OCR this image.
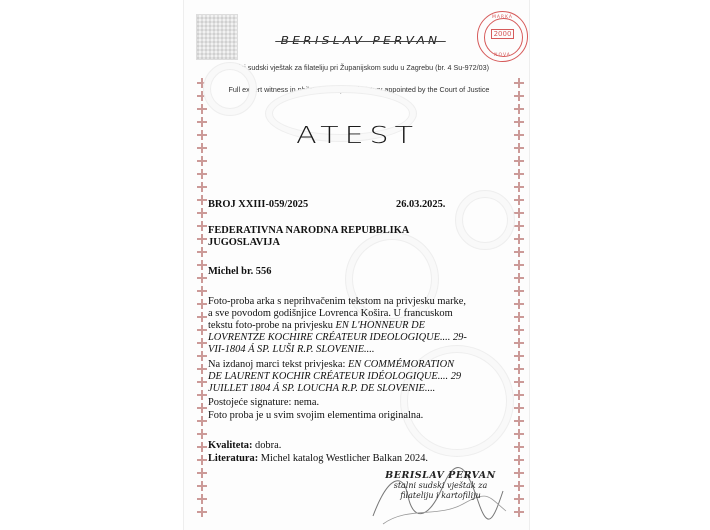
BERISLAV PERVAN
MARKA
2000
NOVA
stalni sudski vještak za filateliju pri Županijskom sudu u Zagrebu (br. 4 Su-972/03)
Full expert witness in philately and postal history appointed by the Court of Justice
ATEST
BROJ XXIII-059/2025	26.03.2025.
FEDERATIVNA NARODNA REPUBBLIKA
JUGOSLAVIJA
Michel br. 556
Foto-proba arka s neprihvačenim tekstom na privjesku marke,
a sve povodom godišnjice Lovrenca Košira. U francuskom
tekstu foto-probe na privjesku EN L'HONNEUR DE
LOVRENTZE KOCHIRE CRÉATEUR IDEOLOGIQUE.... 29-
VII-1804 Á SP. LUŠI R.P. SLOVENIE....
Na izdanoj marci tekst privjeska: EN COMMÉMORATION
DE LAURENT KOCHIR CRÉATEUR IDÉOLOGIQUE.... 29
JUILLET 1804 Á SP. LOUCHA R.P. DE SLOVENIE....
Postojeće signature: nema.
Foto proba je u svim svojim elementima originalna.
Kvaliteta: dobra.
Literatura: Michel katalog Westlicher Balkan 2024.
BERISLAV PERVAN
stalni sudski vještak za
filateliju i kartofiliju
